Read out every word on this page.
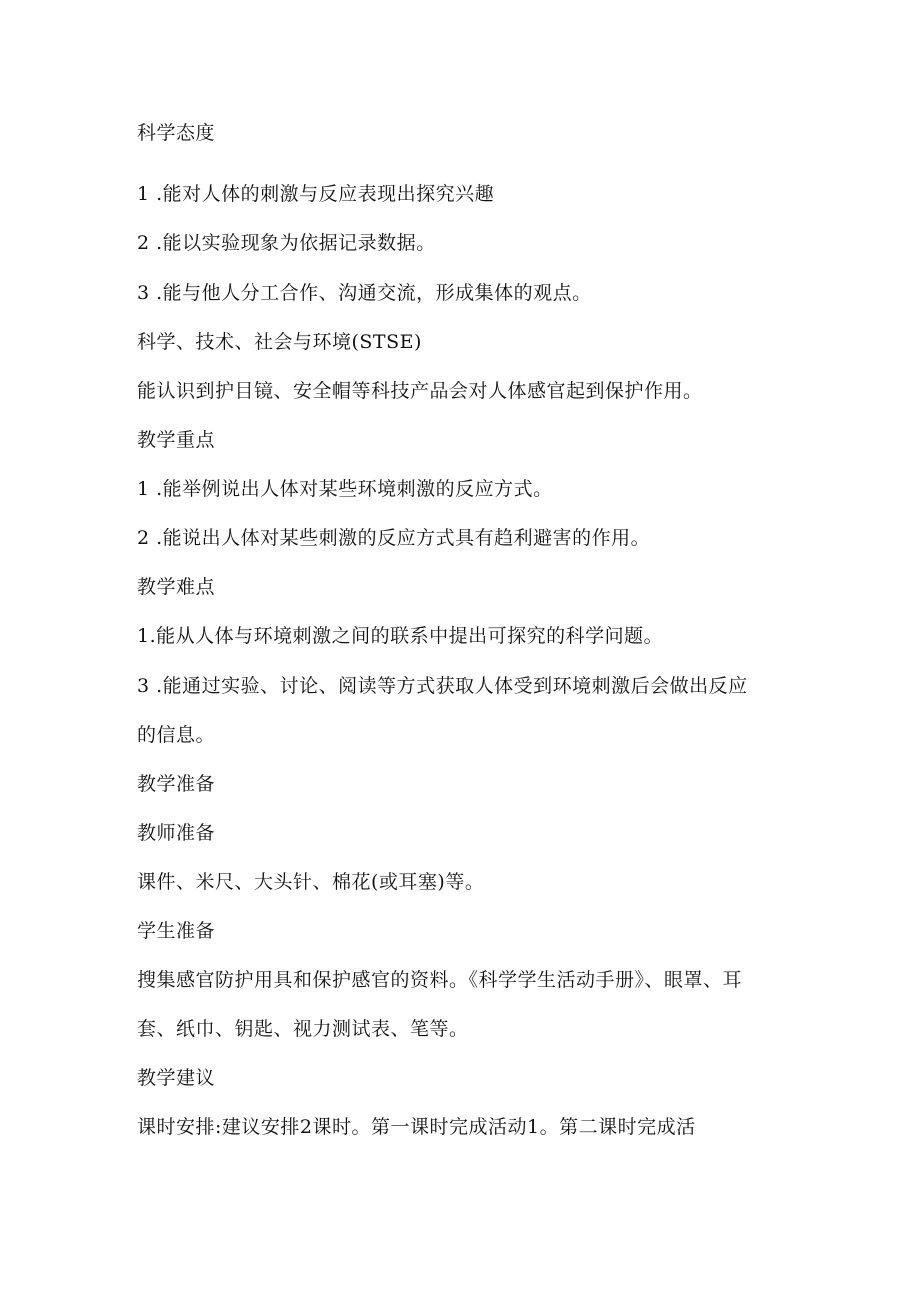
科学态度
1 .能对人体的刺激与反应表现出探究兴趣
2 .能以实验现象为依据记录数据。
3 .能与他人分工合作、沟通交流，形成集体的观点。
科学、技术、社会与环境(STSE)
能认识到护目镜、安全帽等科技产品会对人体感官起到保护作用。
教学重点
1 .能举例说出人体对某些环境刺激的反应方式。
2 .能说出人体对某些刺激的反应方式具有趋利避害的作用。
教学难点
1.能从人体与环境刺激之间的联系中提出可探究的科学问题。
3 .能通过实验、讨论、阅读等方式获取人体受到环境刺激后会做出反应
的信息。
教学准备
教师准备
课件、米尺、大头针、棉花(或耳塞)等。
学生准备
搜集感官防护用具和保护感官的资料。《科学学生活动手册》、眼罩、耳
套、纸巾、钥匙、视力测试表、笔等。
教学建议
课时安排:建议安排2课时。第一课时完成活动1。第二课时完成活
